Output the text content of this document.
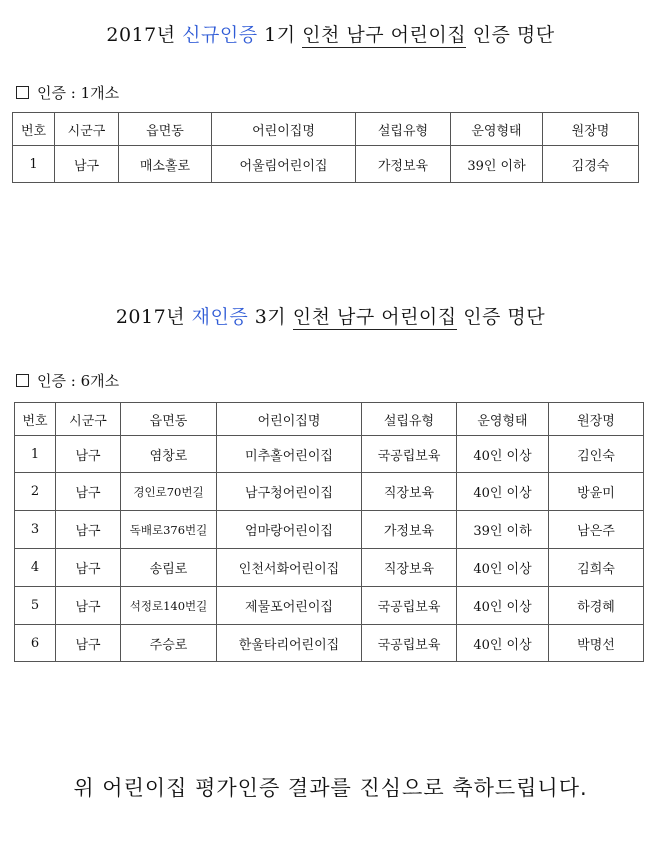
2017년 신규인증 1기 인천 남구 어린이집 인증 명단
인증 : 1개소
번호	시군구	읍면동	어린이집명	설립유형	운영형태	원장명
1	남구	매소홀로	어울림어린이집	가정보육	39인 이하	김경숙
2017년 재인증 3기 인천 남구 어린이집 인증 명단
인증 : 6개소
번호	시군구	읍면동	어린이집명	설립유형	운영형태	원장명
1	남구	염창로	미추홀어린이집	국공립보육	40인 이상	김인숙
2	남구	경인로70번길	남구청어린이집	직장보육	40인 이상	방윤미
3	남구	독배로376번길	엄마랑어린이집	가정보육	39인 이하	남은주
4	남구	송림로	인천서화어린이집	직장보육	40인 이상	김희숙
5	남구	석정로140번길	제물포어린이집	국공립보육	40인 이상	하경혜
6	남구	주승로	한울타리어린이집	국공립보육	40인 이상	박명선
위 어린이집 평가인증 결과를 진심으로 축하드립니다.
